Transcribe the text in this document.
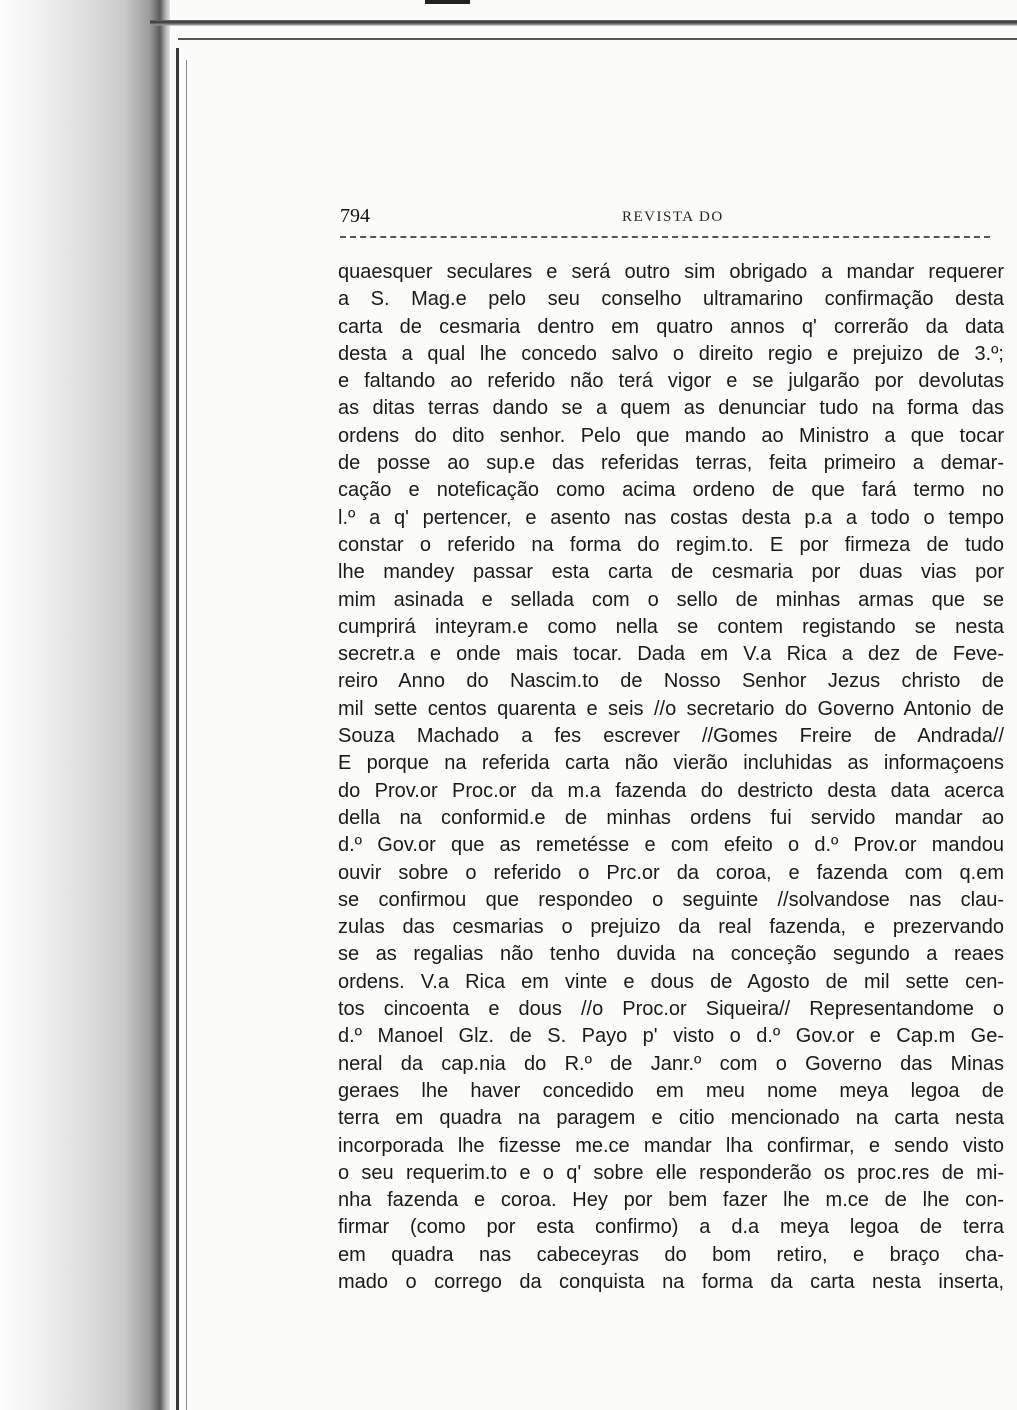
794	REVISTA DO
quaesquer seculares e será outro sim obrigado a mandar requerer
a S. Mag.e pelo seu conselho ultramarino confirmação desta
carta de cesmaria dentro em quatro annos q' correrão da data
desta a qual lhe concedo salvo o direito regio e prejuizo de 3.º;
e faltando ao referido não terá vigor e se julgarão por devolutas
as ditas terras dando se a quem as denunciar tudo na forma das
ordens do dito senhor. Pelo que mando ao Ministro a que tocar
de posse ao sup.e das referidas terras, feita primeiro a demar-
cação e noteficação como acima ordeno de que fará termo no
l.º a q' pertencer, e asento nas costas desta p.a a todo o tempo
constar o referido na forma do regim.to. E por firmeza de tudo
lhe mandey passar esta carta de cesmaria por duas vias por
mim asinada e sellada com o sello de minhas armas que se
cumprirá inteyram.e como nella se contem registando se nesta
secretr.a e onde mais tocar. Dada em V.a Rica a dez de Feve-
reiro Anno do Nascim.to de Nosso Senhor Jezus christo de
mil sette centos quarenta e seis //o secretario do Governo Antonio de
Souza Machado a fes escrever //Gomes Freire de Andrada//
E porque na referida carta não vierão incluhidas as informaçoens
do Prov.or Proc.or da m.a fazenda do destricto desta data acerca
della na conformid.e de minhas ordens fui servido mandar ao
d.º Gov.or que as remetésse e com efeito o d.º Prov.or mandou
ouvir sobre o referido o Prc.or da coroa, e fazenda com q.em
se confirmou que respondeo o seguinte //solvandose nas clau-
zulas das cesmarias o prejuizo da real fazenda, e prezervando
se as regalias não tenho duvida na conceção segundo a reaes
ordens. V.a Rica em vinte e dous de Agosto de mil sette cen-
tos cincoenta e dous //o Proc.or Siqueira// Representandome o
d.º Manoel Glz. de S. Payo p' visto o d.º Gov.or e Cap.m Ge-
neral da cap.nia do R.º de Janr.º com o Governo das Minas
geraes lhe haver concedido em meu nome meya legoa de
terra em quadra na paragem e citio mencionado na carta nesta
incorporada lhe fizesse me.ce mandar lha confirmar, e sendo visto
o seu requerim.to e o q' sobre elle responderão os proc.res de mi-
nha fazenda e coroa. Hey por bem fazer lhe m.ce de lhe con-
firmar (como por esta confirmo) a d.a meya legoa de terra
em quadra nas cabeceyras do bom retiro, e braço cha-
mado o corrego da conquista na forma da carta nesta inserta,
